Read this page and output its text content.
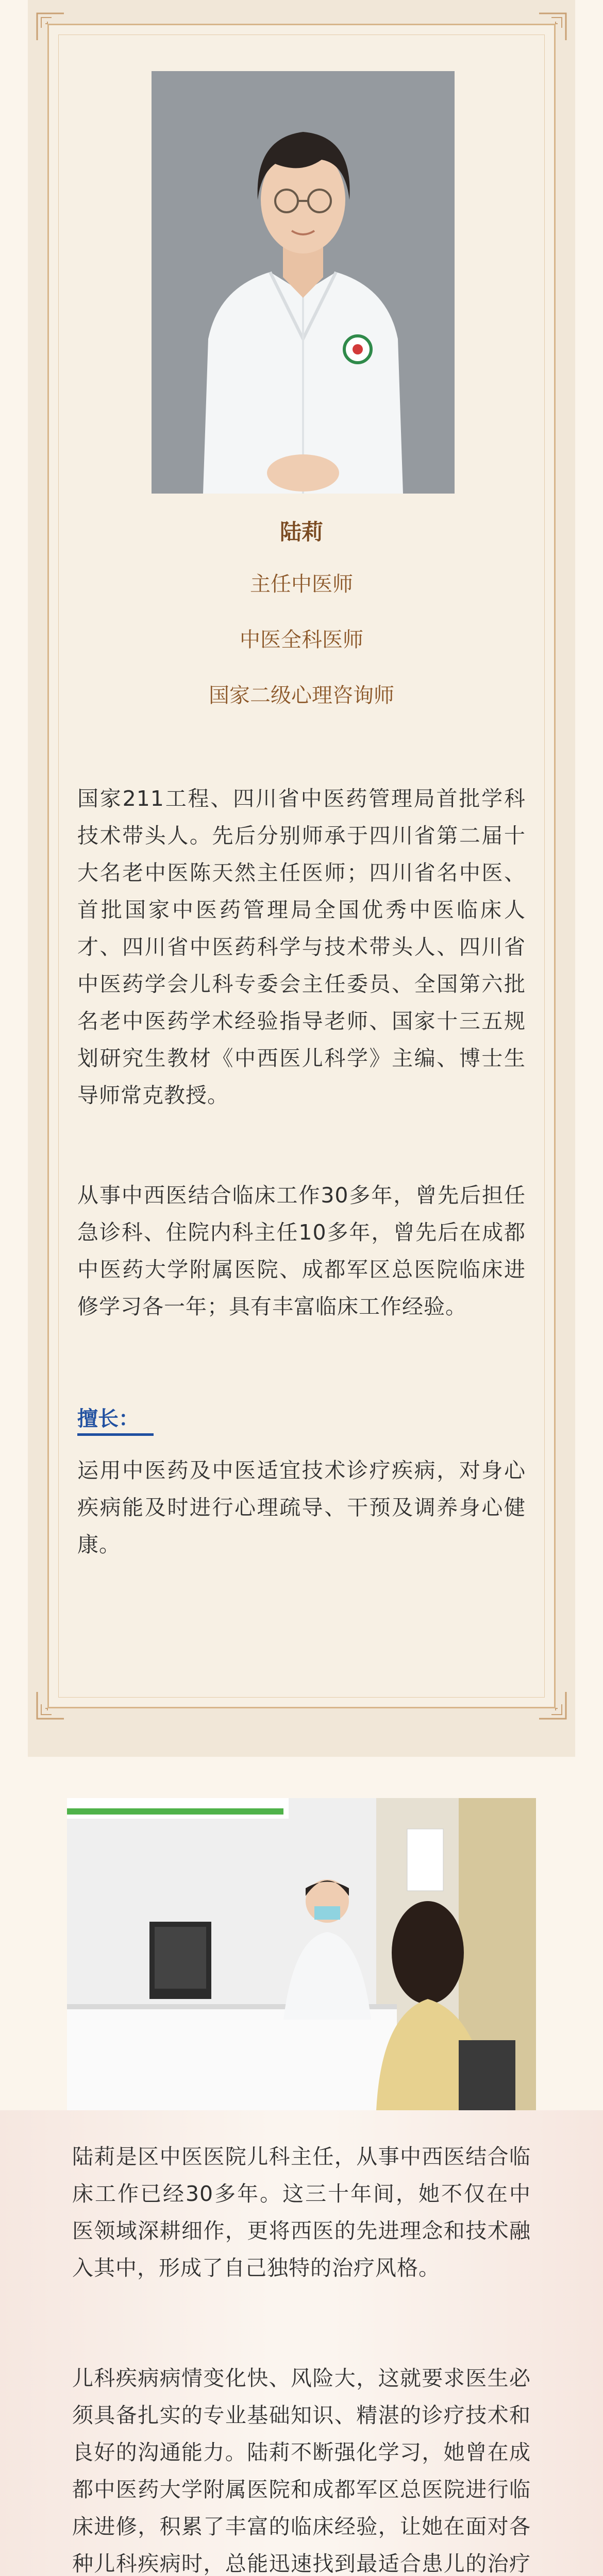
陆莉
主任中医师
中医全科医师
国家二级心理咨询师

国家211工程、四川省中医药管理局首批学科技术带头人。先后分别师承于四川省第二届十大名老中医陈天然主任医师；四川省名中医、首批国家中医药管理局全国优秀中医临床人才、四川省中医药科学与技术带头人、四川省中医药学会儿科专委会主任委员、全国第六批名老中医药学术经验指导老师、国家十三五规划研究生教材《中西医儿科学》主编、博士生导师常克教授。

从事中西医结合临床工作30多年，曾先后担任急诊科、住院内科主任10多年，曾先后在成都中医药大学附属医院、成都军区总医院临床进修学习各一年；具有丰富临床工作经验。

擅长：

运用中医药及中医适宜技术诊疗疾病，对身心疾病能及时进行心理疏导、干预及调养身心健康。

陆莉是区中医医院儿科主任，从事中西医结合临床工作已经30多年。这三十年间，她不仅在中医领域深耕细作，更将西医的先进理念和技术融入其中，形成了自己独特的治疗风格。

儿科疾病病情变化快、风险大，这就要求医生必须具备扎实的专业基础知识、精湛的诊疗技术和良好的沟通能力。陆莉不断强化学习，她曾在成都中医药大学附属医院和成都军区总医院进行临床进修，积累了丰富的临床经验，让她在面对各种儿科疾病时，总能迅速找到最适合患儿的治疗
